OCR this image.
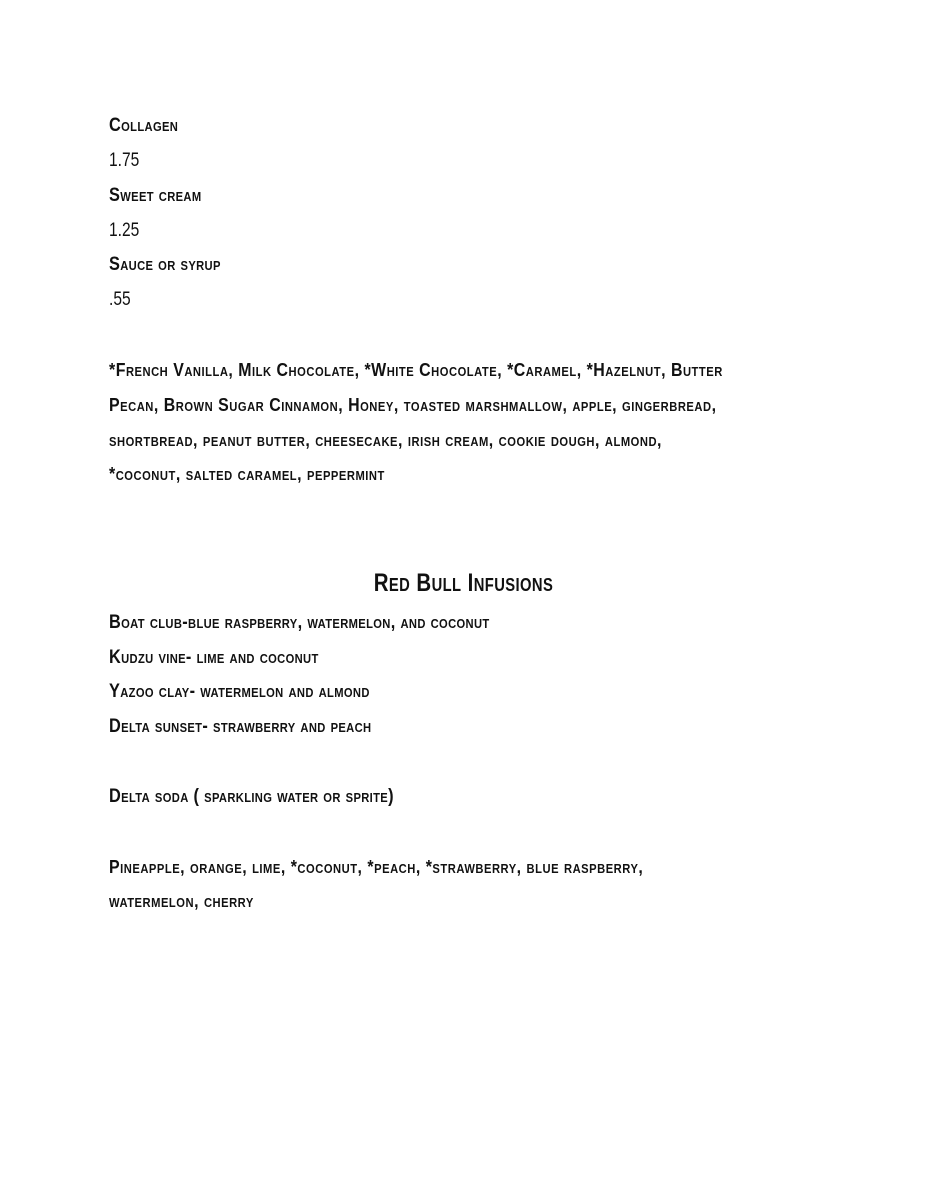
Collagen
1.75
Sweet cream
1.25
Sauce or syrup
.55
*French Vanilla, Milk Chocolate, *White Chocolate, *Caramel, *Hazelnut, Butter
Pecan, Brown Sugar Cinnamon, Honey, toasted marshmallow, apple, gingerbread,
shortbread, peanut butter, cheesecake, irish cream, cookie dough, almond,
*coconut, salted caramel, peppermint
Red Bull Infusions
Boat club-blue raspberry, watermelon, and coconut
Kudzu vine- lime and coconut
Yazoo clay- watermelon and almond
Delta sunset- strawberry and peach
Delta soda ( sparkling water or sprite)
Pineapple, orange, lime, *coconut, *peach, *strawberry, blue raspberry,
watermelon, cherry
